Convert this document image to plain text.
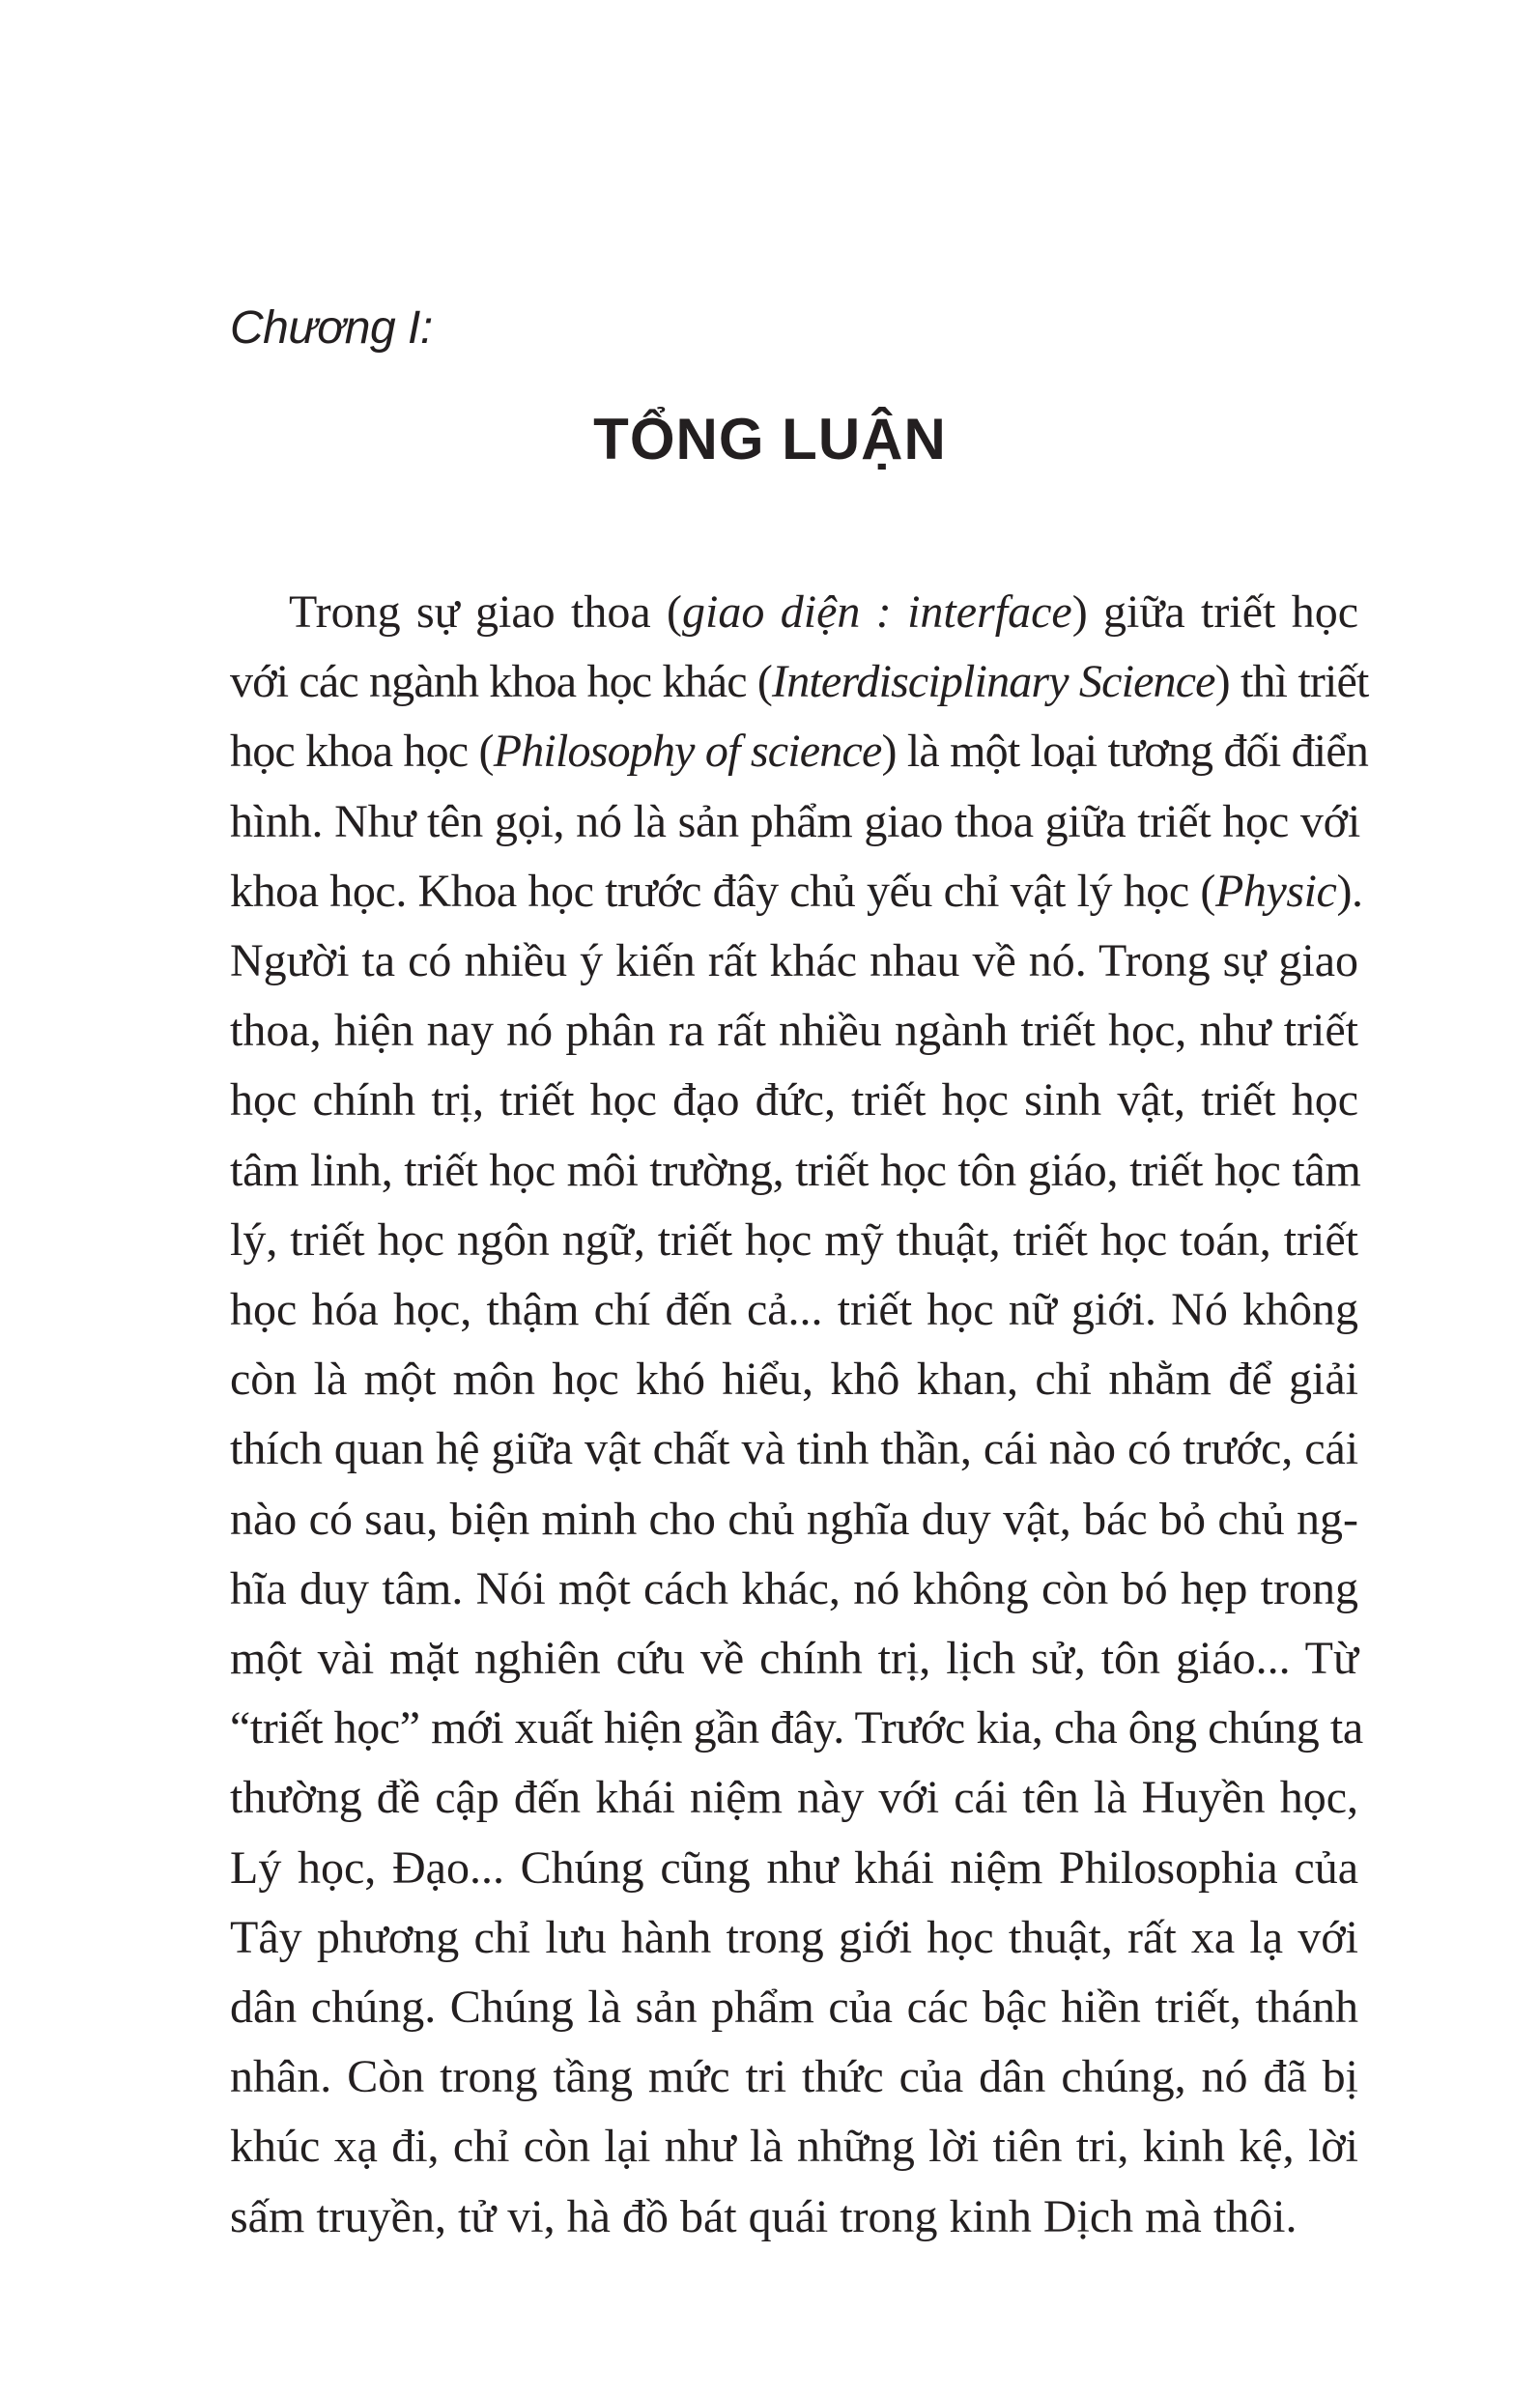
Chương I:
TỔNG LUẬN
Trong sự giao thoa (giao diện : interface) giữa triết học
với các ngành khoa học khác (Interdisciplinary Science) thì triết
học khoa học (Philosophy of science) là một loại tương đối điển
hình. Như tên gọi, nó là sản phẩm giao thoa giữa triết học với
khoa học. Khoa học trước đây chủ yếu chỉ vật lý học (Physic).
Người ta có nhiều ý kiến rất khác nhau về nó. Trong sự giao
thoa, hiện nay nó phân ra rất nhiều ngành triết học, như triết
học chính trị, triết học đạo đức, triết học sinh vật, triết học
tâm linh, triết học môi trường, triết học tôn giáo, triết học tâm
lý, triết học ngôn ngữ, triết học mỹ thuật, triết học toán, triết
học hóa học, thậm chí đến cả... triết học nữ giới. Nó không
còn là một môn học khó hiểu, khô khan, chỉ nhằm để giải
thích quan hệ giữa vật chất và tinh thần, cái nào có trước, cái
nào có sau, biện minh cho chủ nghĩa duy vật, bác bỏ chủ ng-
hĩa duy tâm. Nói một cách khác, nó không còn bó hẹp trong
một vài mặt nghiên cứu về chính trị, lịch sử, tôn giáo... Từ
“triết học” mới xuất hiện gần đây. Trước kia, cha ông chúng ta
thường đề cập đến khái niệm này với cái tên là Huyền học,
Lý học, Đạo... Chúng cũng như khái niệm Philosophia của
Tây phương chỉ lưu hành trong giới học thuật, rất xa lạ với
dân chúng. Chúng là sản phẩm của các bậc hiền triết, thánh
nhân. Còn trong tầng mức tri thức của dân chúng, nó đã bị
khúc xạ đi, chỉ còn lại như là những lời tiên tri, kinh kệ, lời
sấm truyền, tử vi, hà đồ bát quái trong kinh Dịch mà thôi.
